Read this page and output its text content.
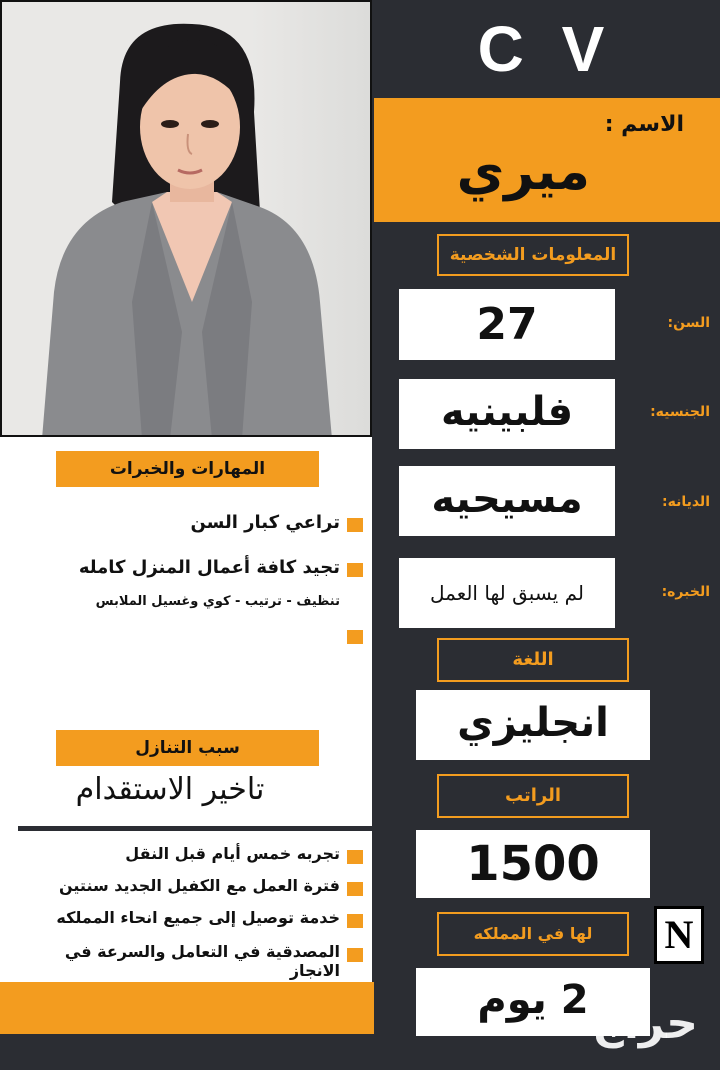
C V
الاسم :
ميري
المعلومات الشخصية
27	السن:
فلبينيه	الجنسيه:
مسيحيه	الديانه:
لم يسبق لها العمل	الخبره:
اللغة
انجليزي
الراتب
1500
لها في المملكه
2 يوم
N
حراج
المهارات والخبرات
تراعي كبار السن
تجيد كافة أعمال المنزل كامله
تنظيف - ترتيب - كوي وغسيل الملابس
سبب التنازل
تاخير الاستقدام
تجربه خمس أيام قبل النقل
فترة العمل مع الكفيل الجديد سنتين
خدمة توصيل إلى جميع انحاء المملكه
المصدقية في التعامل والسرعة في الانجاز
